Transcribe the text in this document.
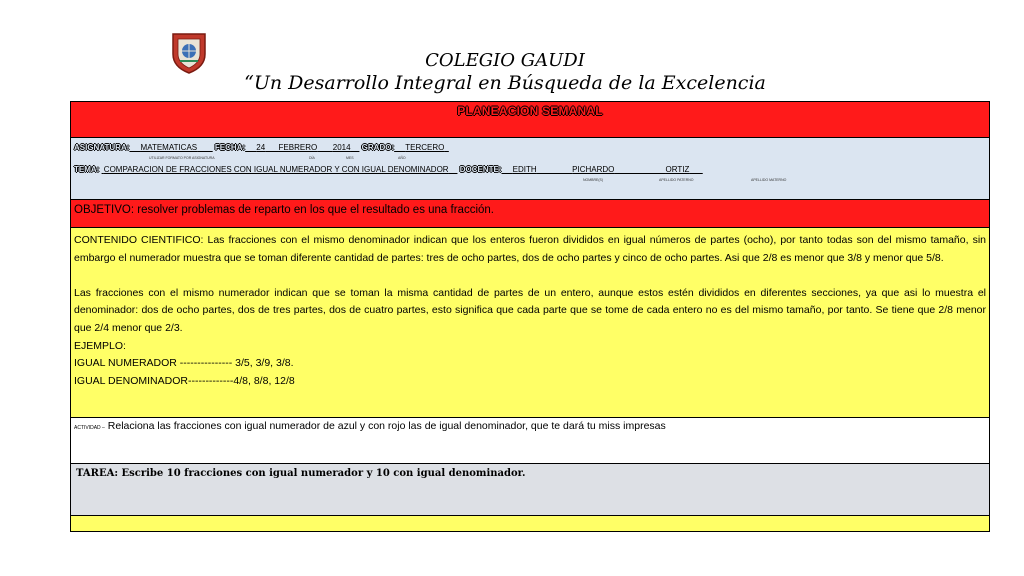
COLEGIO GAUDI
“Un Desarrollo Integral en Búsqueda de la Excelencia
PLANEACION SEMANAL
ASIGNATURA: MATEMATICAS FECHA: 24 FEBRERO 2014 GRADO: TERCERO
UTILIZAR FORMATO POR ASIGNATURA	DÍA	MES	AÑO
TEMA: COMPARACION DE FRACCIONES CON IGUAL NUMERADOR Y CON IGUAL DENOMINADOR DOCENTE: EDITH	PICHARDO	ORTIZ
NOMBRE(S)	APELLIDO PATERNO	APELLIDO MATERNO
OBJETIVO: resolver problemas de reparto en los que el resultado es una fracción.

CONTENIDO CIENTIFICO: Las fracciones con el mismo denominador indican que los enteros fueron divididos en igual números de partes (ocho), por tanto todas son del mismo tamaño, sin embargo el numerador muestra que se toman diferente cantidad de partes: tres de ocho partes, dos de ocho partes y cinco de ocho partes. Asi que 2/8 es menor que 3/8 y menor que 5/8.

Las fracciones con el mismo numerador indican que se toman la misma cantidad de partes de un entero, aunque estos estén divididos en diferentes secciones, ya que asi lo muestra el denominador: dos de ocho partes, dos de tres partes, dos de cuatro partes, esto significa que cada parte que se tome de cada entero no es del mismo tamaño, por tanto. Se tiene que 2/8 menor que 2/4 menor que 2/3.

EJEMPLO:

IGUAL NUMERADOR --------------- 3/5, 3/9, 3/8.

IGUAL DENOMINADOR-------------4/8, 8/8, 12/8

ACTIVIDAD – Relaciona las fracciones con igual numerador de azul y con rojo las de igual denominador, que te dará tu miss impresas
TAREA: Escribe 10 fracciones con igual numerador y 10 con igual denominador.
